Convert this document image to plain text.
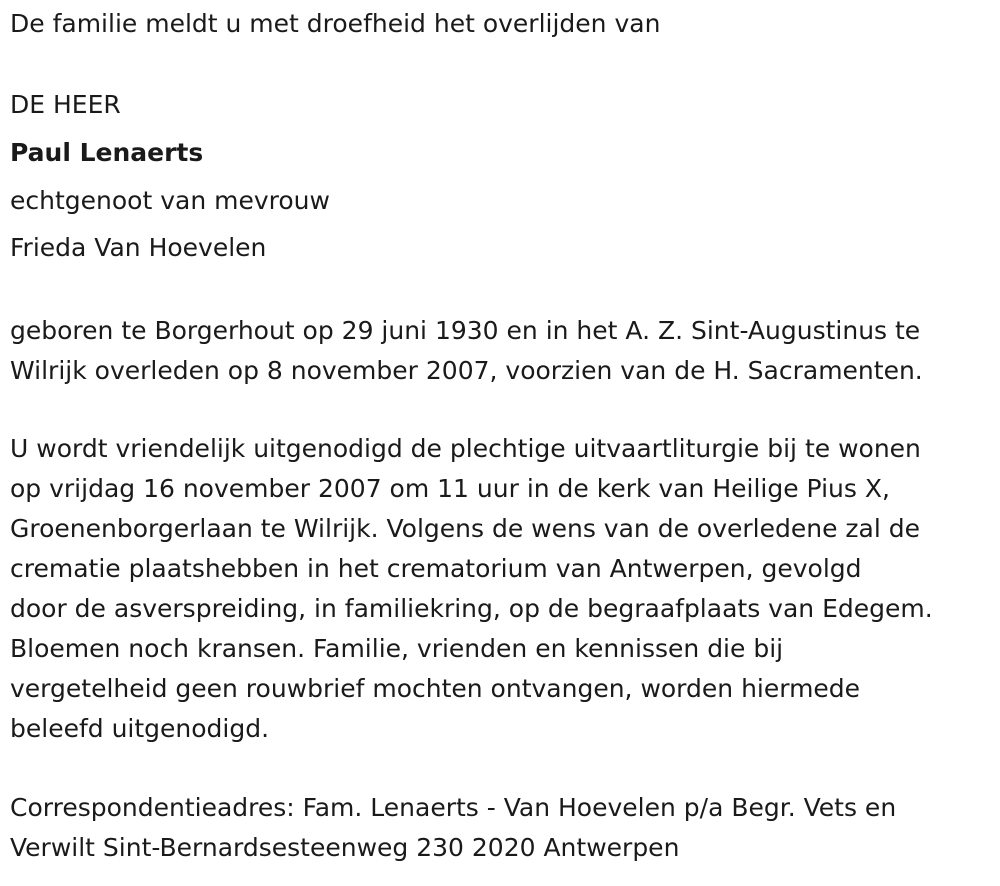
De familie meldt u met droefheid het overlijden van
DE HEER
Paul Lenaerts
echtgenoot van mevrouw
Frieda Van Hoevelen
geboren te Borgerhout op 29 juni 1930 en in het A. Z. Sint-Augustinus te
Wilrijk overleden op 8 november 2007, voorzien van de H. Sacramenten.
U wordt vriendelijk uitgenodigd de plechtige uitvaartliturgie bij te wonen
op vrijdag 16 november 2007 om 11 uur in de kerk van Heilige Pius X,
Groenenborgerlaan te Wilrijk. Volgens de wens van de overledene zal de
crematie plaatshebben in het crematorium van Antwerpen, gevolgd
door de asverspreiding, in familiekring, op de begraafplaats van Edegem.
Bloemen noch kransen. Familie, vrienden en kennissen die bij
vergetelheid geen rouwbrief mochten ontvangen, worden hiermede
beleefd uitgenodigd.
Correspondentieadres: Fam. Lenaerts - Van Hoevelen p/a Begr. Vets en
Verwilt Sint-Bernardsesteenweg 230 2020 Antwerpen
